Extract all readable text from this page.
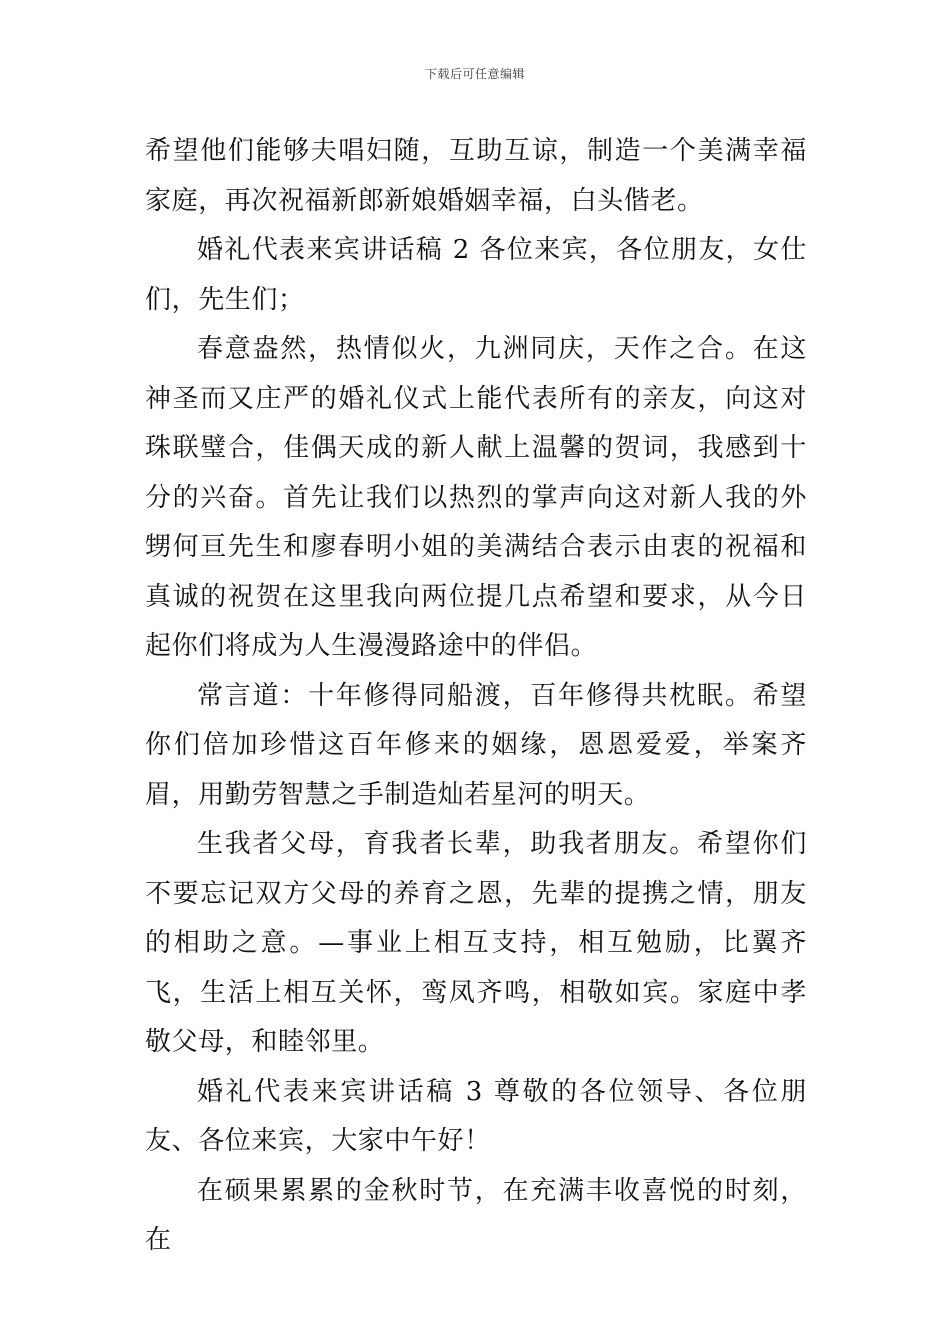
下载后可任意编辑

希望他们能够夫唱妇随，互助互谅，制造一个美满幸福家庭，再次祝福新郎新娘婚姻幸福，白头偕老。

婚礼代表来宾讲话稿 2 各位来宾，各位朋友，女仕们，先生们；

春意盎然，热情似火，九洲同庆，天作之合。在这神圣而又庄严的婚礼仪式上能代表所有的亲友，向这对珠联璧合，佳偶天成的新人献上温馨的贺词，我感到十分的兴奋。首先让我们以热烈的掌声向这对新人我的外甥何亘先生和廖春明小姐的美满结合表示由衷的祝福和真诚的祝贺在这里我向两位提几点希望和要求，从今日起你们将成为人生漫漫路途中的伴侣。

常言道：十年修得同船渡，百年修得共枕眠。希望你们倍加珍惜这百年修来的姻缘，恩恩爱爱，举案齐眉，用勤劳智慧之手制造灿若星河的明天。

生我者父母，育我者长辈，助我者朋友。希望你们不要忘记双方父母的养育之恩，先辈的提携之情，朋友的相助之意。—事业上相互支持，相互勉励，比翼齐飞，生活上相互关怀，鸾凤齐鸣，相敬如宾。家庭中孝敬父母，和睦邻里。

婚礼代表来宾讲话稿 3 尊敬的各位领导、各位朋友、各位来宾，大家中午好！

在硕果累累的金秋时节，在充满丰收喜悦的时刻，在
